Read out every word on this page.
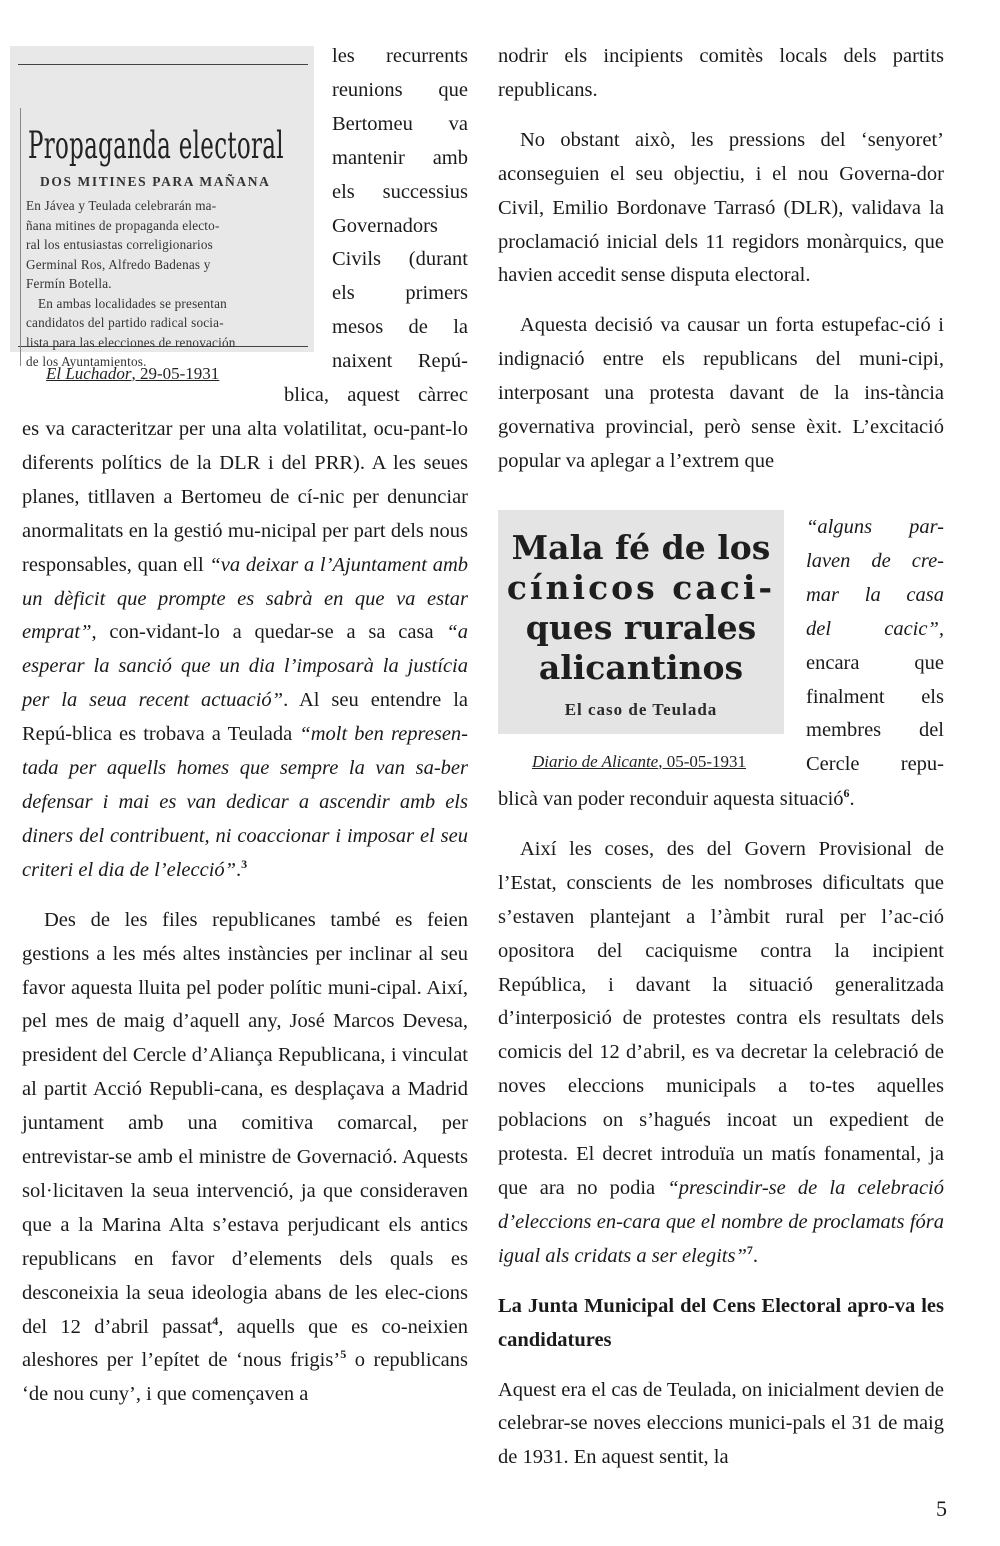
Propaganda electoral
DOS MITINES PARA MAÑANA
En Jávea y Teulada celebrarán ma-
ñana mitines de propaganda electo-
ral los entusiastas correligionarios
Germinal Ros, Alfredo Badenas y
Fermín Botella.
En ambas localidades se presentan
candidatos del partido radical socia-
lista para las elecciones de renovación
de los Ayuntamientos.
El Luchador, 29-05-1931

les recurrents

reunions que

Bertomeu va

mantenir amb

els successius

Governadors

Civils (durant

els primers

mesos de la

naixent Repú-

blica, aquest càrrec

es va caracteritzar per una alta volatilitat, ocu-pant-lo diferents polítics de la DLR i del PRR). A les seues planes, titllaven a Bertomeu de cí-nic per denunciar anormalitats en la gestió mu-nicipal per part dels nous responsables, quan ell “va deixar a l’Ajuntament amb un dèficit que prompte es sabrà en que va estar emprat”, con-vidant-lo a quedar-se a sa casa “a esperar la sanció que un dia l’imposarà la justícia per la seua recent actuació”. Al seu entendre la Repú-blica es trobava a Teulada “molt ben represen-tada per aquells homes que sempre la van sa-ber defensar i mai es van dedicar a ascendir amb els diners del contribuent, ni coaccionar i imposar el seu criteri el dia de l’elecció”.$^3$

Des de les files republicanes també es feien gestions a les més altes instàncies per inclinar al seu favor aquesta lluita pel poder polític muni-cipal. Així, pel mes de maig d’aquell any, José Marcos Devesa, president del Cercle d’Aliança Republicana, i vinculat al partit Acció Republi-cana, es desplaçava a Madrid juntament amb una comitiva comarcal, per entrevistar-se amb el ministre de Governació. Aquests sol·licitaven la seua intervenció, ja que consideraven que a la Marina Alta s’estava perjudicant els antics republicans en favor d’elements dels quals es desconeixia la seua ideologia abans de les elec-cions del 12 d’abril passat$^4$, aquells que es co-neixien aleshores per l’epítet de ‘nous frigis’$^5$ o republicans ‘de nou cuny’, i que començaven a

nodrir els incipients comitès locals dels partits republicans.

No obstant això, les pressions del ‘senyoret’ aconseguien el seu objectiu, i el nou Governa-dor Civil, Emilio Bordonave Tarrasó (DLR), validava la proclamació inicial dels 11 regidors monàrquics, que havien accedit sense disputa electoral.

Aquesta decisió va causar un forta estupefac-ció i indignació entre els republicans del muni-cipi, interposant una protesta davant de la ins-tància governativa provincial, però sense èxit. L’excitació popular va aplegar a l’extrem que

Mala fé de los
cínicos caci-
ques rurales
alicantinos
El caso de Teulada
Diario de Alicante, 05-05-1931

“alguns par-

laven de cre-

mar la casa

del cacic”,

encara que

finalment els

membres del

Cercle repu-

blicà van poder reconduir aquesta situació$^6$.

Així les coses, des del Govern Provisional de l’Estat, conscients de les nombroses dificultats que s’estaven plantejant a l’àmbit rural per l’ac-ció opositora del caciquisme contra la incipient República, i davant la situació generalitzada d’interposició de protestes contra els resultats dels comicis del 12 d’abril, es va decretar la celebració de noves eleccions municipals a to-tes aquelles poblacions on s’hagués incoat un expedient de protesta. El decret introduïa un matís fonamental, ja que ara no podia “prescindir-se de la celebració d’eleccions en-cara que el nombre de proclamats fóra igual als cridats a ser elegits”$^7$.

La Junta Municipal del Cens Electoral apro-va les candidatures

Aquest era el cas de Teulada, on inicialment devien de celebrar-se noves eleccions munici-pals el 31 de maig de 1931. En aquest sentit, la

5
